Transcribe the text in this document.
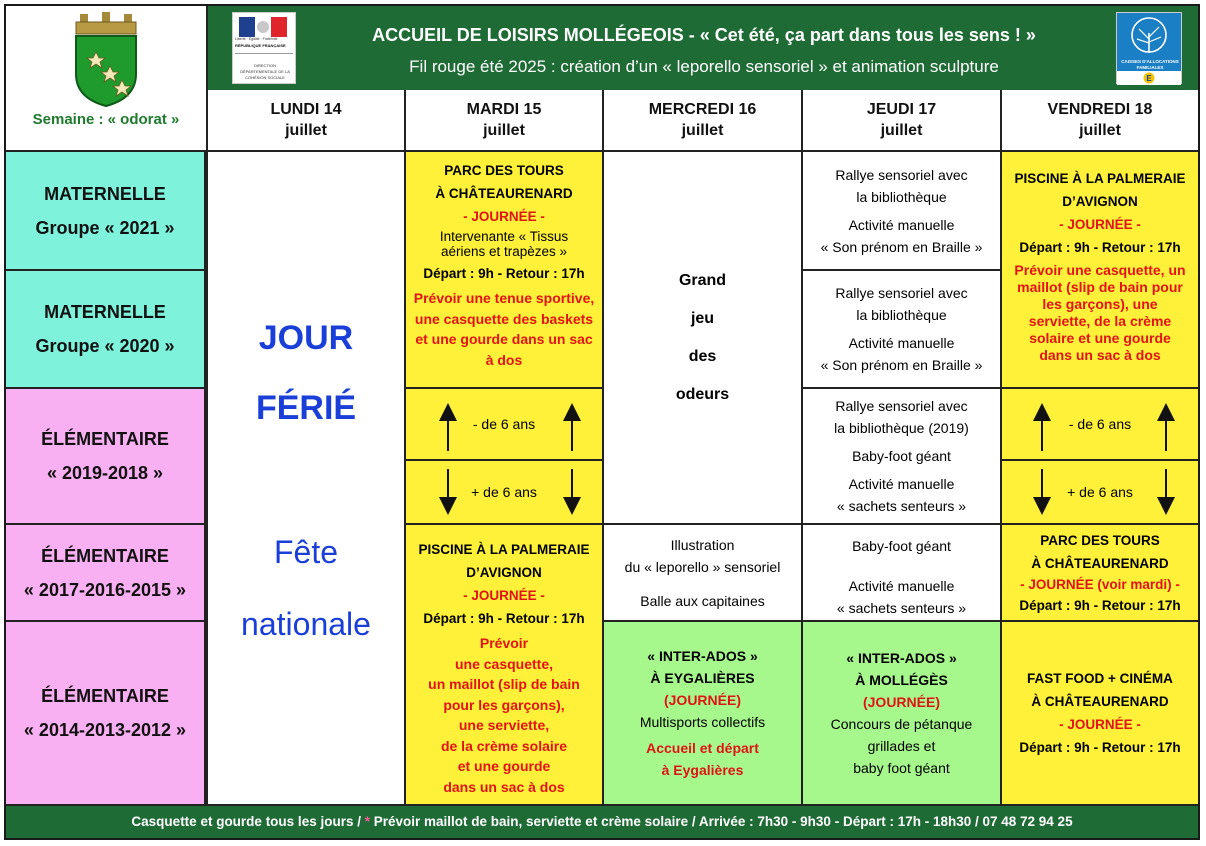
Semaine : « odorat »
Liberté · Égalité · Fraternité
RÉPUBLIQUE FRANÇAISE
DIRECTION DÉPARTEMENTALE DE LA COHÉSION SOCIALE
ACCUEIL DE LOISIRS MOLLÉGEOIS - « Cet été, ça part dans tous les sens ! »
Fil rouge été 2025 : création d’un « leporello sensoriel » et animation sculpture	CAISSES D'ALLOCATIONS FAMILIALES
E
LUNDI 14
juillet
MARDI 15
juillet
MERCREDI 16
juillet
JEUDI 17
juillet
VENDREDI 18
juillet
MATERNELLE
Groupe « 2021 »
MATERNELLE
Groupe « 2020 »
ÉLÉMENTAIRE
« 2019-2018 »
ÉLÉMENTAIRE
« 2017-2016-2015 »
ÉLÉMENTAIRE
« 2014-2013-2012 »
JOUR
FÉRIÉ
Fête
nationale
PARC DES TOURS
À CHÂTEAURENARD
- JOURNÉE -
Intervenante « Tissus aériens et trapèzes »
Départ : 9h - Retour : 17h
Prévoir une tenue sportive, une casquette des baskets et une gourde dans un sac à dos
- de 6 ans
+ de 6 ans
PISCINE À LA PALMERAIE
D’AVIGNON
- JOURNÉE -
Départ : 9h - Retour : 17h
Prévoir
une casquette,
un maillot (slip de bain
pour les garçons),
une serviette,
de la crème solaire
et une gourde
dans un sac à dos
Grand
jeu
des
odeurs
Illustration
du « leporello » sensoriel
Balle aux capitaines
« INTER-ADOS »
À EYGALIÈRES
(JOURNÉE)
Multisports collectifs
Accueil et départ
à Eygalières
Rallye sensoriel avec
la bibliothèque
Activité manuelle
« Son prénom en Braille »
Rallye sensoriel avec
la bibliothèque
Activité manuelle
« Son prénom en Braille »
Rallye sensoriel avec
la bibliothèque (2019)
Baby-foot géant
Activité manuelle
« sachets senteurs »
Baby-foot géant
Activité manuelle
« sachets senteurs »
« INTER-ADOS »
À MOLLÉGÈS
(JOURNÉE)
Concours de pétanque
grillades et
baby foot géant
PISCINE À LA PALMERAIE
D’AVIGNON
- JOURNÉE -
Départ : 9h - Retour : 17h
Prévoir une casquette, un maillot (slip de bain pour les garçons), une serviette, de la crème solaire et une gourde dans un sac à dos
- de 6 ans
+ de 6 ans
PARC DES TOURS
À CHÂTEAURENARD
- JOURNÉE (voir mardi) -
Départ : 9h - Retour : 17h
FAST FOOD + CINÉMA
À CHÂTEAURENARD
- JOURNÉE -
Départ : 9h - Retour : 17h
Casquette et gourde tous les jours / * Prévoir maillot de bain, serviette et crème solaire / Arrivée : 7h30 - 9h30 - Départ : 17h - 18h30 / 07 48 72 94 25
